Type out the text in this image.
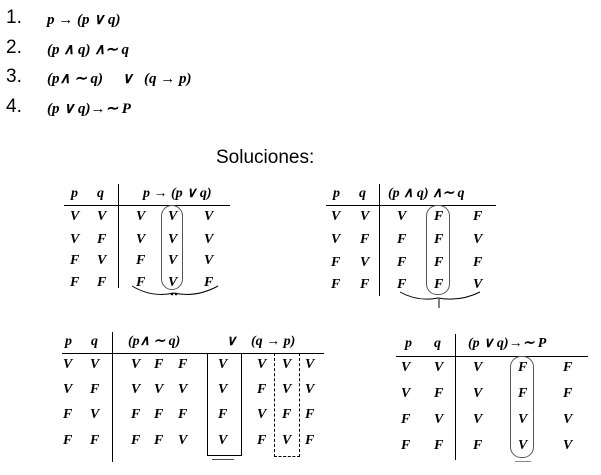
1. p → (p ∨ q)
2. (p ∧ q) ∧∼ q
3. (p∧ ∼ q)     ∨   (q → p)
4. (p ∨ q)→∼ P
Soluciones:
p q	p → (p ∨ q)
V V V V V
V F V V V
F V F V V
F F F V F
p q (p ∧ q) ∧∼ q
V V V F F
V F F F V
F V F F F
F F F F V
p q (p∧ ∼ q)	∨ (q → p)
V V V F F V V V V
V F V V V V F V V
F V F F F F V F F
F F F F V V F V F
p q (p ∨ q)→∼ P
V V V	F	F
V F V	F	F
F V V	V	V
F F F	V	V
